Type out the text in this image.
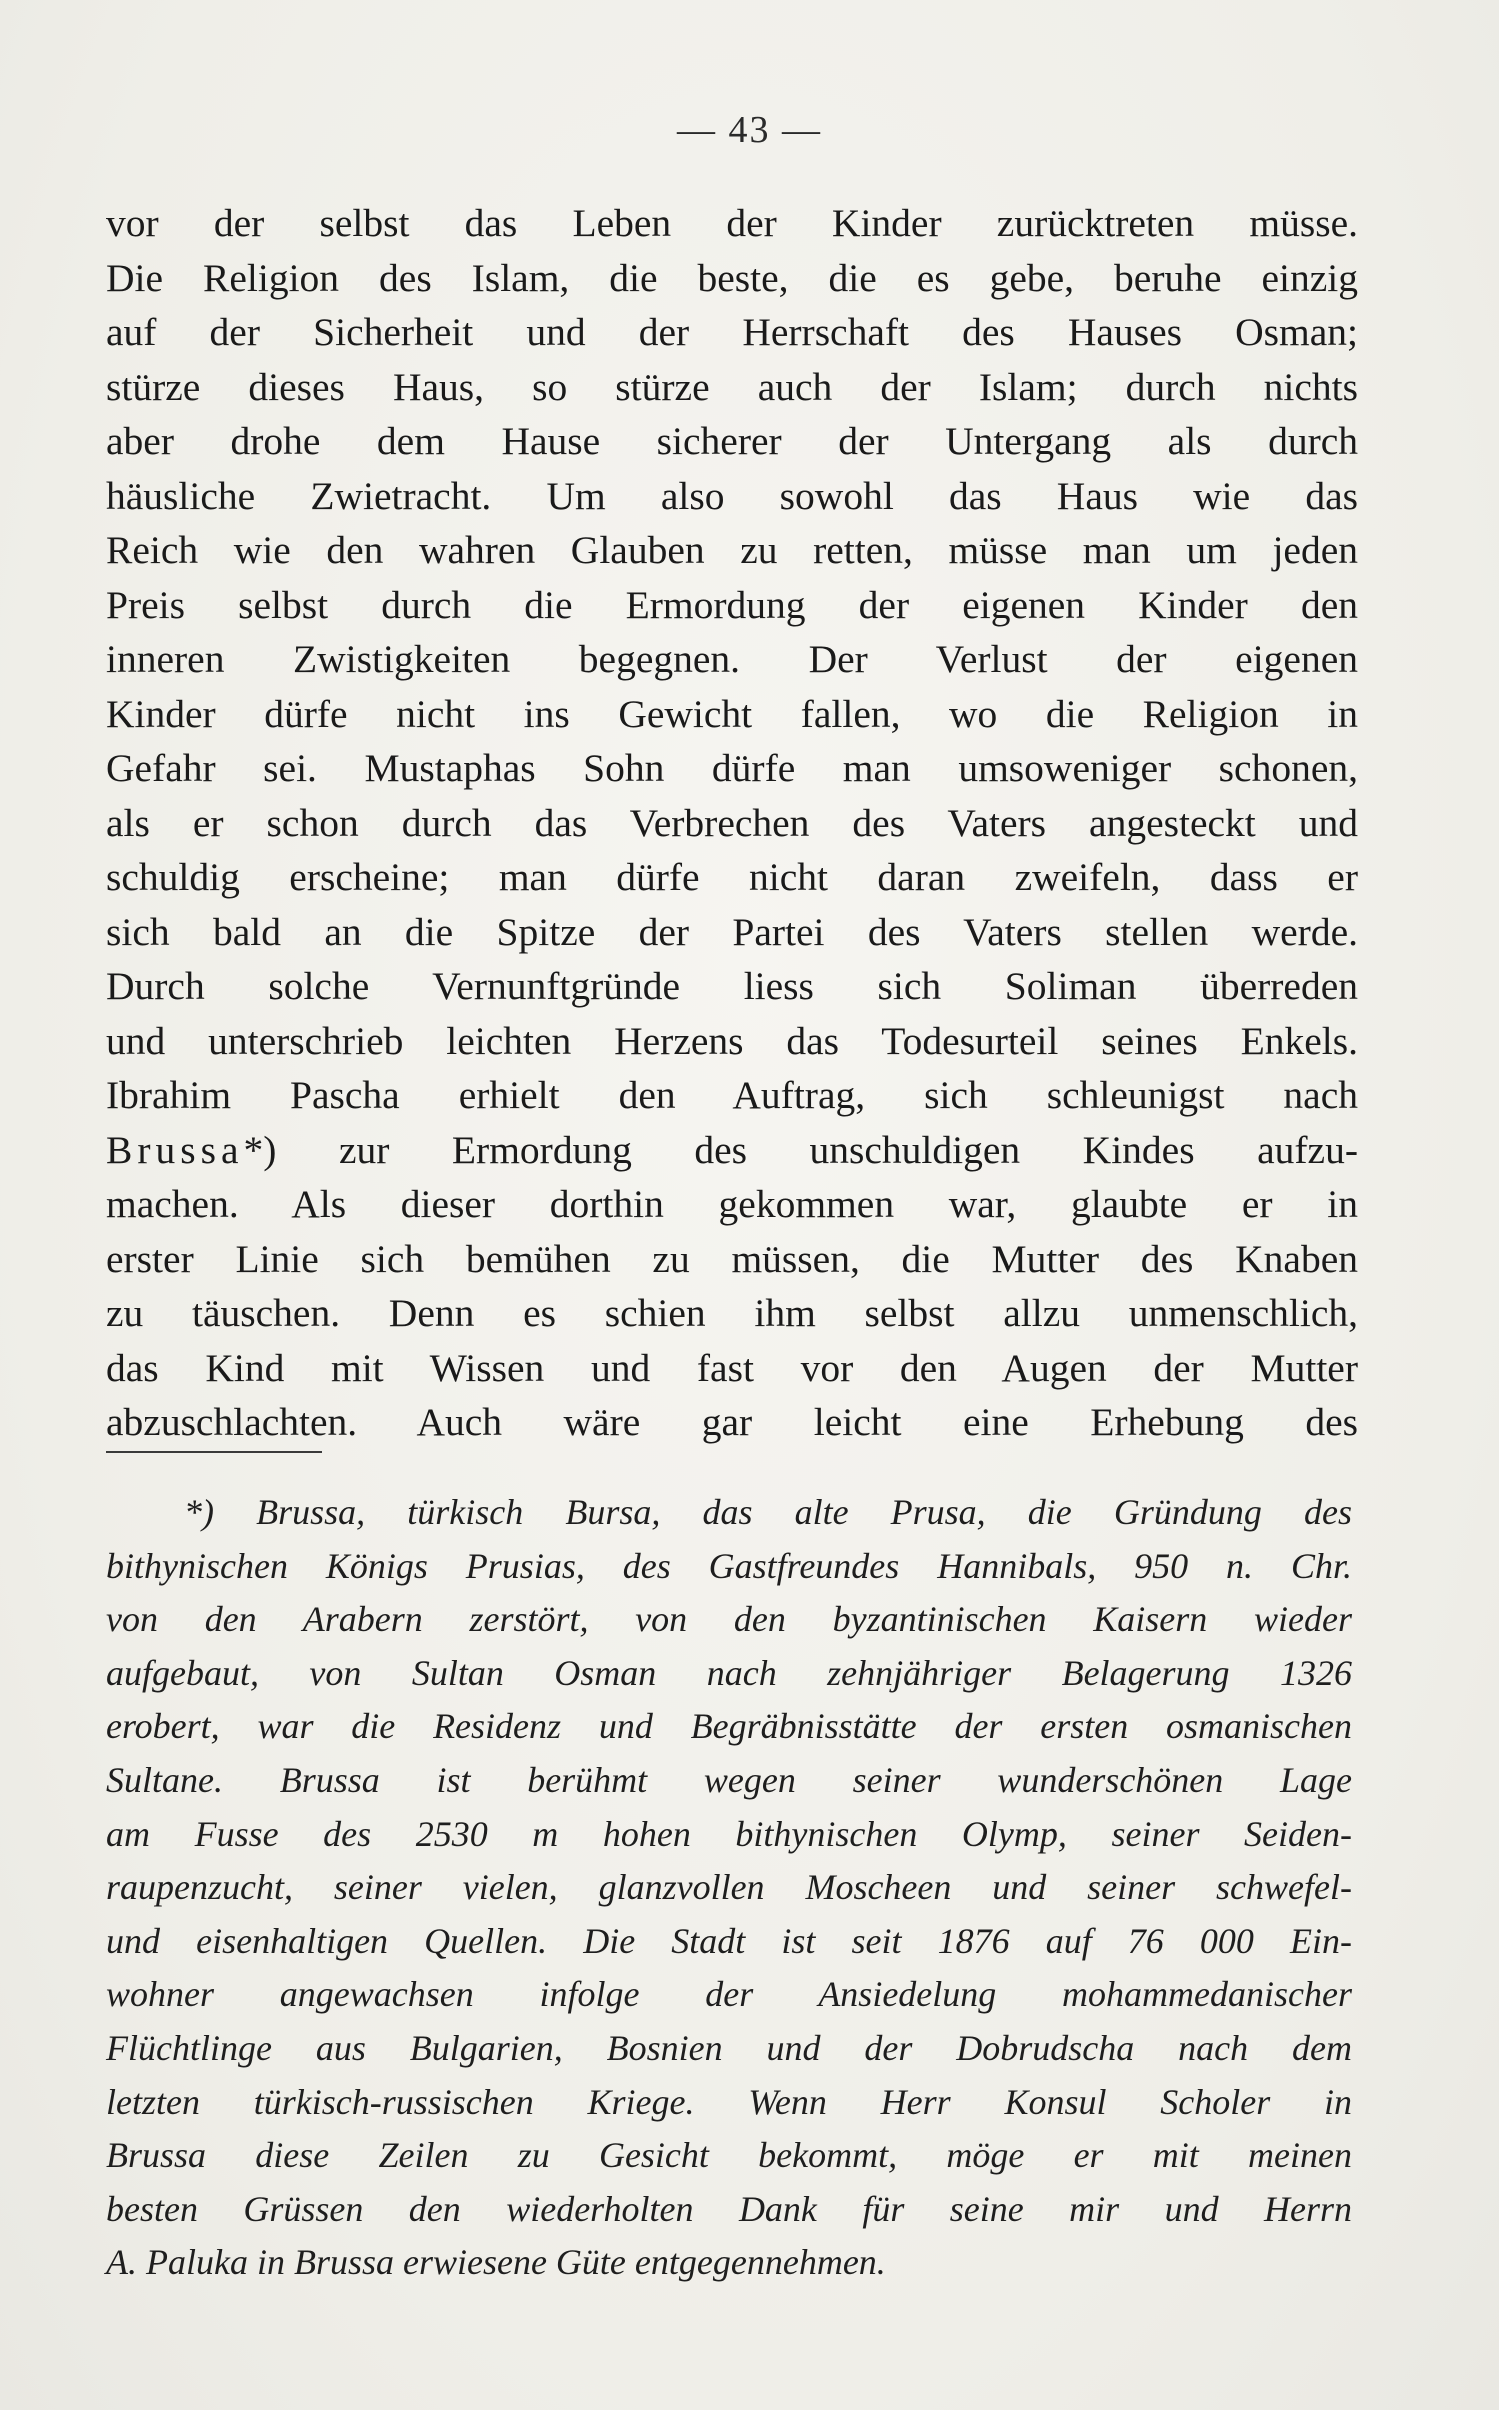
— 43 —
vor der selbst das Leben der Kinder zurücktreten müsse.
Die Religion des Islam, die beste, die es gebe, beruhe einzig
auf der Sicherheit und der Herrschaft des Hauses Osman;
stürze dieses Haus, so stürze auch der Islam; durch nichts
aber drohe dem Hause sicherer der Untergang als durch
häusliche Zwietracht. Um also sowohl das Haus wie das
Reich wie den wahren Glauben zu retten, müsse man um jeden
Preis selbst durch die Ermordung der eigenen Kinder den
inneren Zwistigkeiten begegnen. Der Verlust der eigenen
Kinder dürfe nicht ins Gewicht fallen, wo die Religion in
Gefahr sei. Mustaphas Sohn dürfe man umsoweniger schonen,
als er schon durch das Verbrechen des Vaters angesteckt und
schuldig erscheine; man dürfe nicht daran zweifeln, dass er
sich bald an die Spitze der Partei des Vaters stellen werde.
Durch solche Vernunftgründe liess sich Soliman überreden
und unterschrieb leichten Herzens das Todesurteil seines Enkels.
Ibrahim Pascha erhielt den Auftrag, sich schleunigst nach
Brussa*) zur Ermordung des unschuldigen Kindes aufzu-
machen. Als dieser dorthin gekommen war, glaubte er in
erster Linie sich bemühen zu müssen, die Mutter des Knaben
zu täuschen. Denn es schien ihm selbst allzu unmenschlich,
das Kind mit Wissen und fast vor den Augen der Mutter
abzuschlachten. Auch wäre gar leicht eine Erhebung des
*) Brussa, türkisch Bursa, das alte Prusa, die Gründung des
bithynischen Königs Prusias, des Gastfreundes Hannibals, 950 n. Chr.
von den Arabern zerstört, von den byzantinischen Kaisern wieder
aufgebaut, von Sultan Osman nach zehnjähriger Belagerung 1326
erobert, war die Residenz und Begräbnisstätte der ersten osmanischen
Sultane. Brussa ist berühmt wegen seiner wunderschönen Lage
am Fusse des 2530 m hohen bithynischen Olymp, seiner Seiden-
raupenzucht, seiner vielen, glanzvollen Moscheen und seiner schwefel-
und eisenhaltigen Quellen. Die Stadt ist seit 1876 auf 76 000 Ein-
wohner angewachsen infolge der Ansiedelung mohammedanischer
Flüchtlinge aus Bulgarien, Bosnien und der Dobrudscha nach dem
letzten türkisch-russischen Kriege. Wenn Herr Konsul Scholer in
Brussa diese Zeilen zu Gesicht bekommt, möge er mit meinen
besten Grüssen den wiederholten Dank für seine mir und Herrn
A. Paluka in Brussa erwiesene Güte entgegennehmen.
